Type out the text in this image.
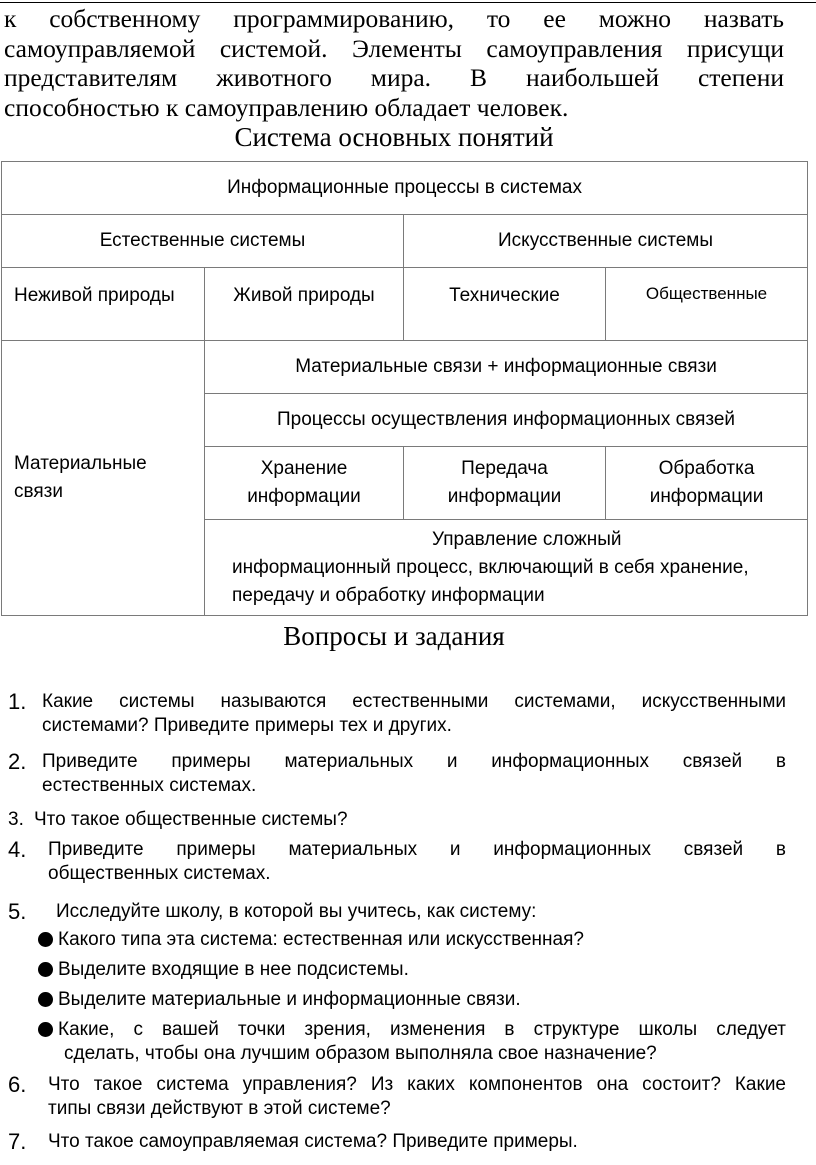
к собственному программированию, то ее можно назвать
самоуправляемой системой. Элементы самоуправления присущи
представителям животного мира. В наибольшей степени
способностью к самоуправлению обладает человек.
Система основных понятий
Информационные процессы в системах			
Естественные системы		Искусственные системы	
Неживой природы	Живой природы	Технические	Общественные
Материальные связи	Материальные связи + информационные связи		
	Процессы осуществления информационных связей		
	Хранение информации	Передача информации	Обработка информации

	Управление сложный
информационный процесс, включающий в себя хранение, передачу и обработку информации		
Вопросы и задания
1. Какие системы называются естественными системами, искусственными
системами? Приведите примеры тех и других.
2. Приведите примеры материальных и информационных связей в
естественных системах.
3. Что такое общественные системы?
4. Приведите примеры материальных и информационных связей в
общественных системах.
5. Исследуйте школу, в которой вы учитесь, как систему:
Какого типа эта система: естественная или искусственная?
Выделите входящие в нее подсистемы.
Выделите материальные и информационные связи.
Какие, с вашей точки зрения, изменения в структуре школы следует
сделать, чтобы она лучшим образом выполняла свое назначение?
6. Что такое система управления? Из каких компонентов она состоит? Какие
типы связи действуют в этой системе?
7. Что такое самоуправляемая система? Приведите примеры.
